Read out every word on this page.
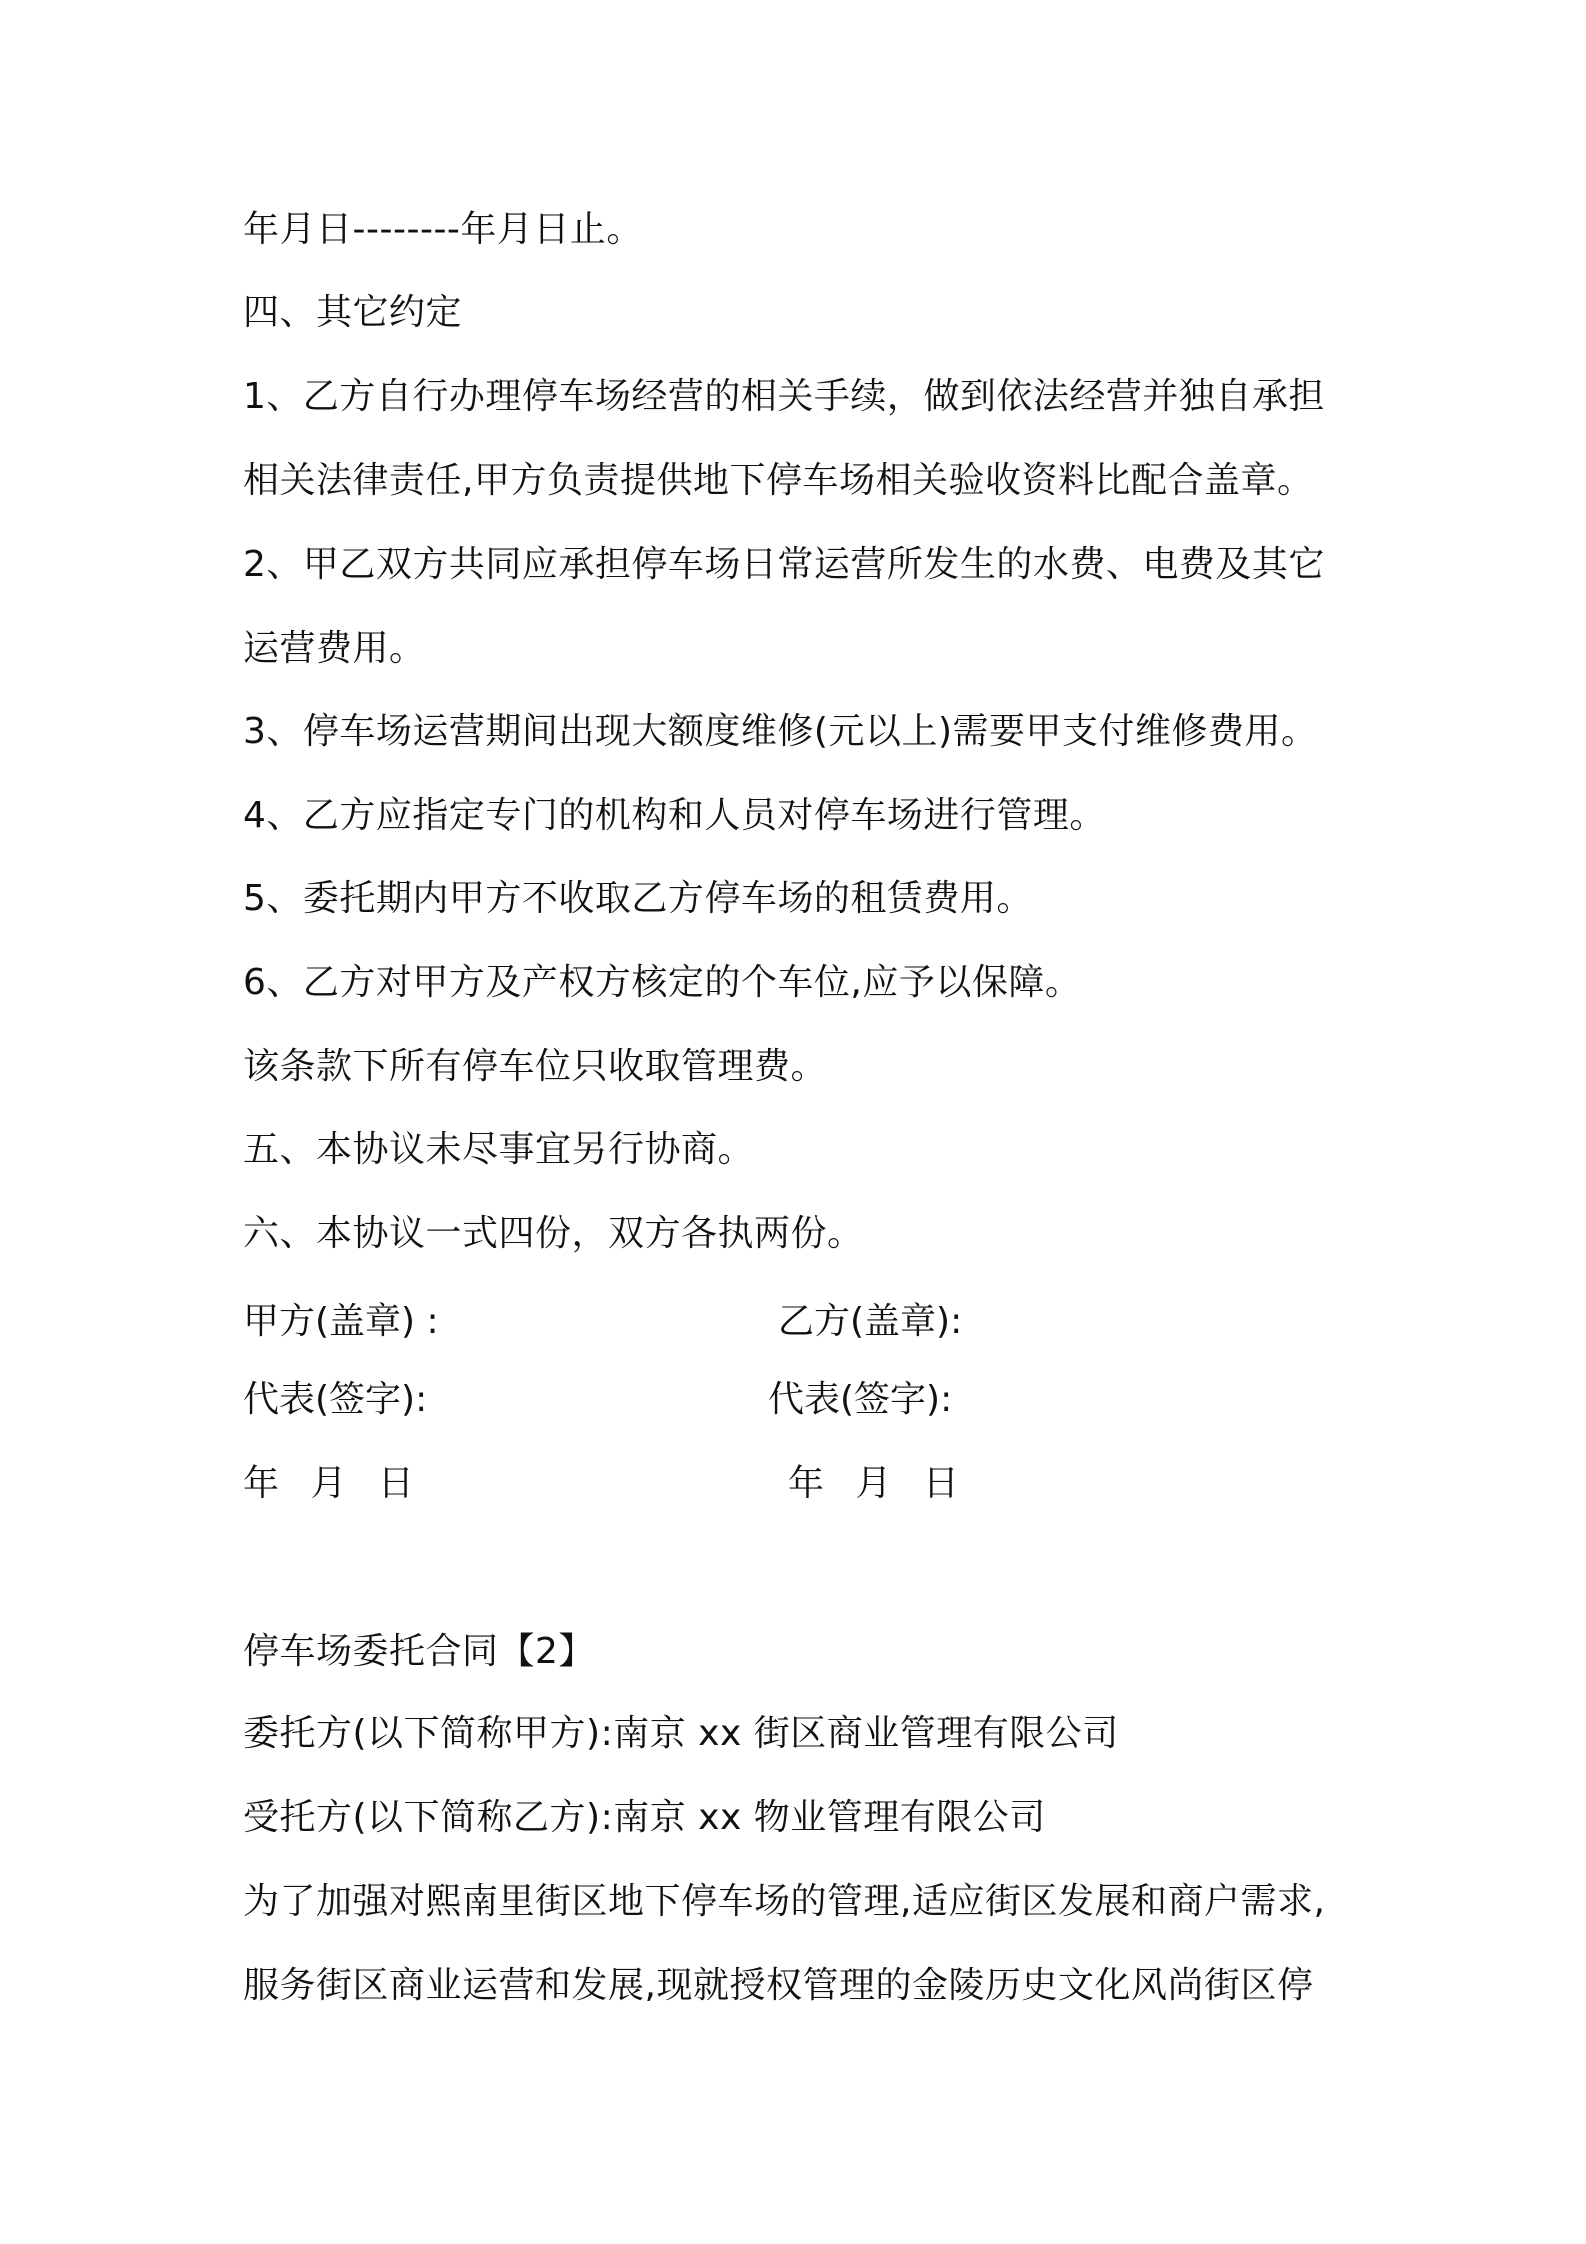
年月日--------年月日止。
四、其它约定
1、乙方自行办理停车场经营的相关手续，做到依法经营并独自承担
相关法律责任,甲方负责提供地下停车场相关验收资料比配合盖章。
2、甲乙双方共同应承担停车场日常运营所发生的水费、电费及其它
运营费用。
3、停车场运营期间出现大额度维修(元以上)需要甲支付维修费用。
4、乙方应指定专门的机构和人员对停车场进行管理。
5、委托期内甲方不收取乙方停车场的租赁费用。
6、乙方对甲方及产权方核定的个车位,应予以保障。
该条款下所有停车位只收取管理费。
五、本协议未尽事宜另行协商。
六、本协议一式四份，双方各执两份。
甲方(盖章) :	乙方(盖章):
代表(签字):	代表(签字):
年 月 日	年 月 日
停车场委托合同【2】
委托方(以下简称甲方):南京 xx 街区商业管理有限公司
受托方(以下简称乙方):南京 xx 物业管理有限公司
为了加强对熙南里街区地下停车场的管理,适应街区发展和商户需求,
服务街区商业运营和发展,现就授权管理的金陵历史文化风尚街区停
